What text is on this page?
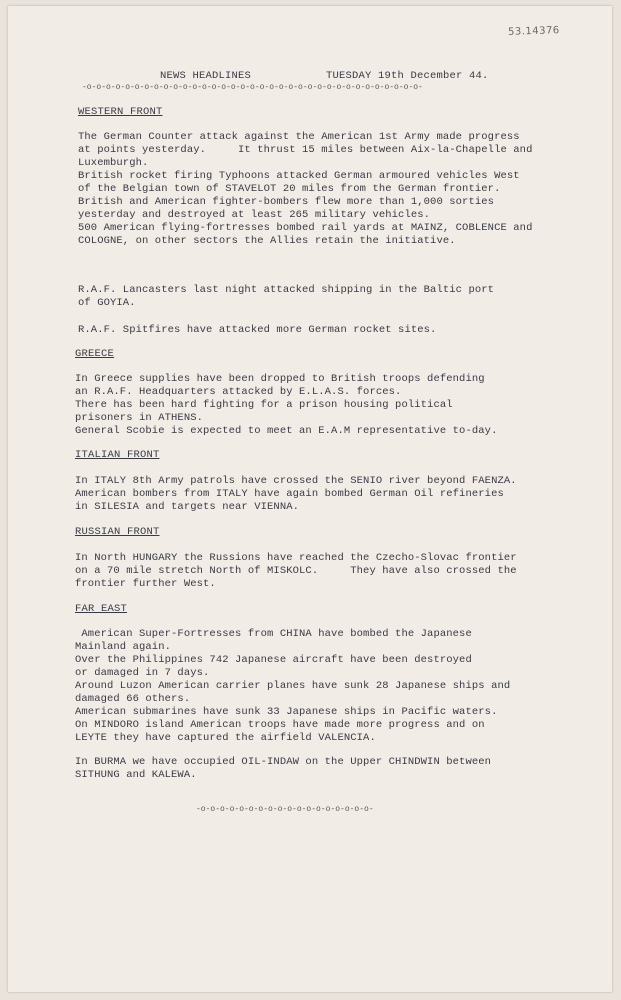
53.14376
NEWS HEADLINES	TUESDAY 19th December 44.
-o-o-o-o-o-o-o-o-o-o-o-o-o-o-o-o-o-o-o-o-o-o-o-o-o-o-o-o-o-o-o-o-o-o-o-
WESTERN FRONT
The German Counter attack against the American 1st Army made progress
at points yesterday.     It thrust 15 miles between Aix-la-Chapelle and
Luxemburgh.
British rocket firing Typhoons attacked German armoured vehicles West
of the Belgian town of STAVELOT 20 miles from the German frontier.
British and American fighter-bombers flew more than 1,000 sorties
yesterday and destroyed at least 265 military vehicles.
500 American flying-fortresses bombed rail yards at MAINZ, COBLENCE and
COLOGNE, on other sectors the Allies retain the initiative.
R.A.F. Lancasters last night attacked shipping in the Baltic port
of GOYIA.
R.A.F. Spitfires have attacked more German rocket sites.
GREECE
In Greece supplies have been dropped to British troops defending
an R.A.F. Headquarters attacked by E.L.A.S. forces.
There has been hard fighting for a prison housing political
prisoners in ATHENS.
General Scobie is expected to meet an E.A.M representative to-day.
ITALIAN FRONT
In ITALY 8th Army patrols have crossed the SENIO river beyond FAENZA.
American bombers from ITALY have again bombed German Oil refineries
in SILESIA and targets near VIENNA.
RUSSIAN FRONT
In North HUNGARY the Russions have reached the Czecho-Slovac frontier
on a 70 mile stretch North of MISKOLC.     They have also crossed the
frontier further West.
FAR EAST
American Super-Fortresses from CHINA have bombed the Japanese
Mainland again.
Over the Philippines 742 Japanese aircraft have been destroyed
or damaged in 7 days.
Around Luzon American carrier planes have sunk 28 Japanese ships and
damaged 66 others.
American submarines have sunk 33 Japanese ships in Pacific waters.
On MINDORO island American troops have made more progress and on
LEYTE they have captured the airfield VALENCIA.
In BURMA we have occupied OIL-INDAW on the Upper CHINDWIN between
SITHUNG and KALEWA.
-o-o-o-o-o-o-o-o-o-o-o-o-o-o-o-o-o-o-
